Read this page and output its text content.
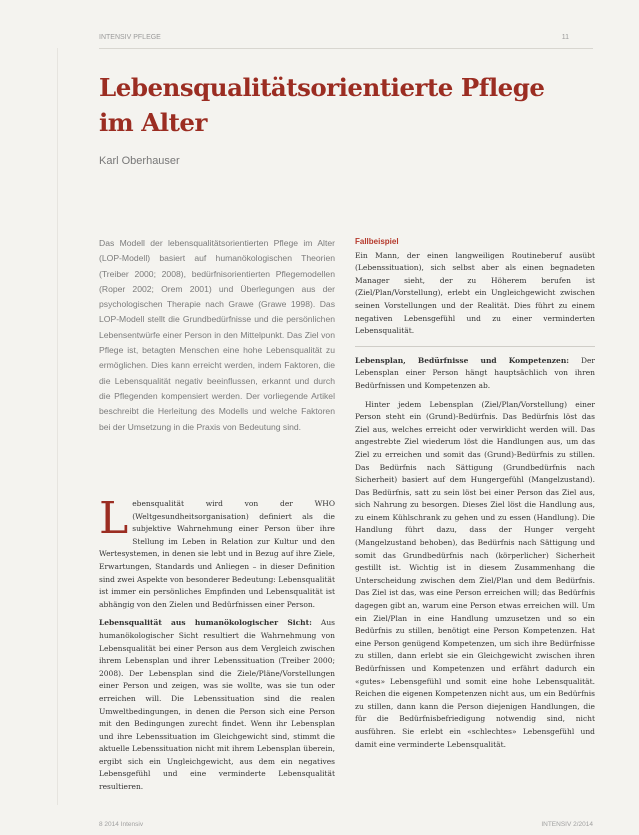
INTENSIV PFLEGE	11
Lebensqualitätsorientierte Pflege im Alter
Karl Oberhauser

Das Modell der lebensqualitätsorientierten Pflege im Alter (LOP-Modell) basiert auf humanökologischen Theorien (Treiber 2000; 2008), bedürfnisorientierten Pflegemodellen (Roper 2002; Orem 2001) und Überlegungen aus der psychologischen Therapie nach Grawe (Grawe 1998). Das LOP-Modell stellt die Grundbedürfnisse und die persönlichen Lebensentwürfe einer Person in den Mittelpunkt. Das Ziel von Pflege ist, betagten Menschen eine hohe Lebensqualität zu ermöglichen. Dies kann erreicht werden, indem Faktoren, die die Lebensqualität negativ beeinflussen, erkannt und durch die Pflegenden kompensiert werden. Der vorliegende Artikel beschreibt die Herleitung des Modells und welche Faktoren bei der Umsetzung in die Praxis von Bedeutung sind.

Lebensqualität wird von der WHO (Weltgesundheitsorganisation) definiert als die subjektive Wahrnehmung einer Person über ihre Stellung im Leben in Relation zur Kultur und den Wertesystemen, in denen sie lebt und in Bezug auf ihre Ziele, Erwartungen, Standards und Anliegen – in dieser Definition sind zwei Aspekte von besonderer Bedeutung: Lebensqualität ist immer ein persönliches Empfinden und Lebensqualität ist abhängig von den Zielen und Bedürfnissen einer Person.

Lebensqualität aus humanökologischer Sicht: Aus humanökologischer Sicht resultiert die Wahrnehmung von Lebensqualität bei einer Person aus dem Vergleich zwischen ihrem Lebensplan und ihrer Lebenssituation (Treiber 2000; 2008). Der Lebensplan sind die Ziele/Pläne/Vorstellungen einer Person und zeigen, was sie wollte, was sie tun oder erreichen will. Die Lebenssituation sind die realen Umweltbedingungen, in denen die Person sich eine Person mit den Bedingungen zurecht findet. Wenn ihr Lebensplan und ihre Lebenssituation im Gleichgewicht sind, stimmt die aktuelle Lebenssituation nicht mit ihrem Lebensplan überein, ergibt sich ein Ungleichgewicht, aus dem ein negatives Lebensgefühl und eine verminderte Lebensqualität resultieren.

Fallbeispiel

Ein Mann, der einen langweiligen Routineberuf ausübt (Lebenssituation), sich selbst aber als einen begnadeten Manager sieht, der zu Höherem berufen ist (Ziel/Plan/Vorstellung), erlebt ein Ungleichgewicht zwischen seinen Vorstellungen und der Realität. Dies führt zu einem negativen Lebensgefühl und zu einer verminderten Lebensqualität.

Lebensplan, Bedürfnisse und Kompetenzen: Der Lebensplan einer Person hängt hauptsächlich von ihren Bedürfnissen und Kompetenzen ab.

Hinter jedem Lebensplan (Ziel/Plan/Vorstellung) einer Person steht ein (Grund)-Bedürfnis. Das Bedürfnis löst das Ziel aus, welches erreicht oder verwirklicht werden will. Das angestrebte Ziel wiederum löst die Handlungen aus, um das Ziel zu erreichen und somit das (Grund)-Bedürfnis zu stillen. Das Bedürfnis nach Sättigung (Grundbedürfnis nach Sicherheit) basiert auf dem Hungergefühl (Mangelzustand). Das Bedürfnis, satt zu sein löst bei einer Person das Ziel aus, sich Nahrung zu besorgen. Dieses Ziel löst die Handlung aus, zu einem Kühlschrank zu gehen und zu essen (Handlung). Die Handlung führt dazu, dass der Hunger vergeht (Mangelzustand behoben), das Bedürfnis nach Sättigung und somit das Grundbedürfnis nach (körperlicher) Sicherheit gestillt ist. Wichtig ist in diesem Zusammenhang die Unterscheidung zwischen dem Ziel/Plan und dem Bedürfnis. Das Ziel ist das, was eine Person erreichen will; das Bedürfnis dagegen gibt an, warum eine Person etwas erreichen will. Um ein Ziel/Plan in eine Handlung umzusetzen und so ein Bedürfnis zu stillen, benötigt eine Person Kompetenzen. Hat eine Person genügend Kompetenzen, um sich ihre Bedürfnisse zu stillen, dann erlebt sie ein Gleichgewicht zwischen ihren Bedürfnissen und Kompetenzen und erfährt dadurch ein «gutes» Lebensgefühl und somit eine hohe Lebensqualität. Reichen die eigenen Kompetenzen nicht aus, um ein Bedürfnis zu stillen, dann kann die Person diejenigen Handlungen, die für die Bedürfnisbefriedigung notwendig sind, nicht ausführen. Sie erlebt ein «schlechtes» Lebensgefühl und damit eine verminderte Lebensqualität.

8 2014 Intensiv	INTENSIV 2/2014
